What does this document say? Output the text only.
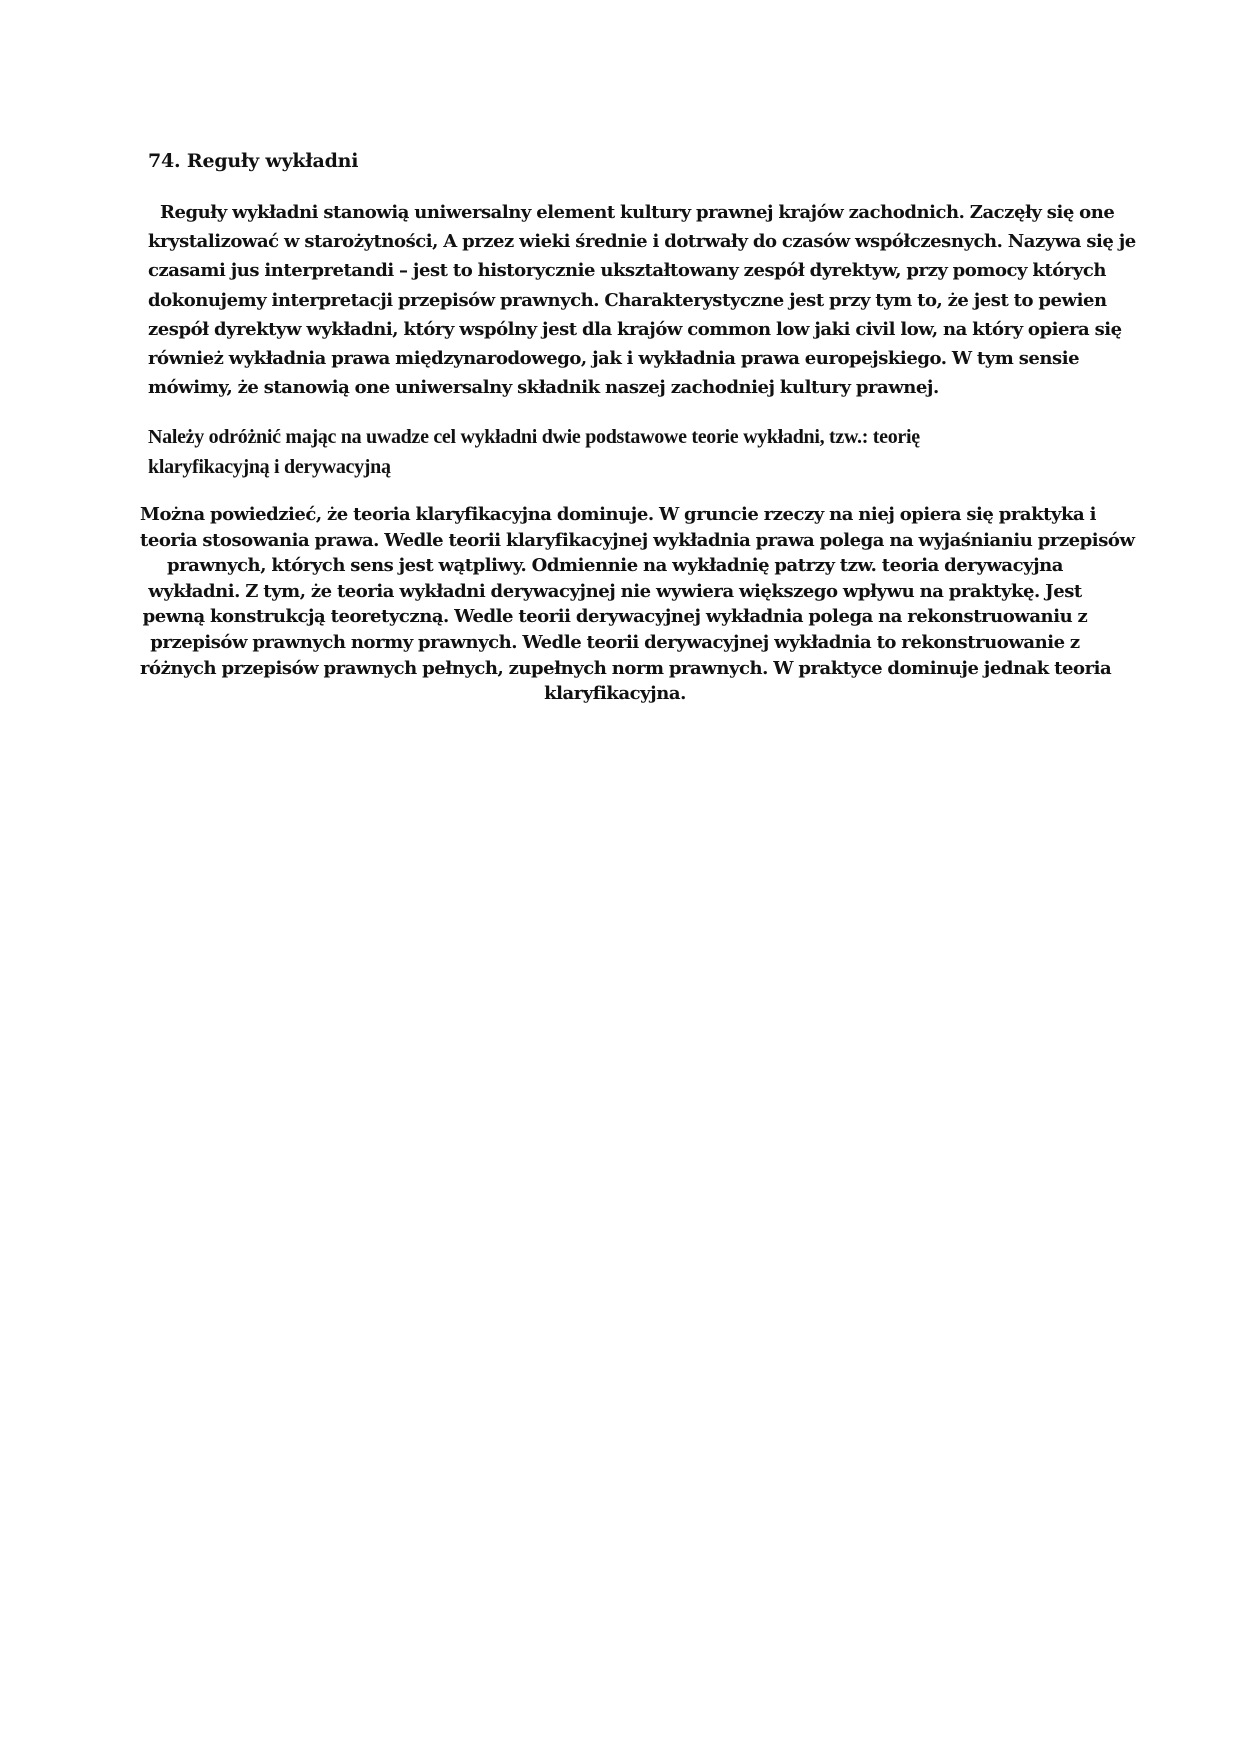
74. Reguły wykładni
Reguły wykładni stanowią uniwersalny element kultury prawnej krajów zachodnich. Zaczęły się one
krystalizować w starożytności, A przez wieki średnie i dotrwały do czasów współczesnych. Nazywa się je
czasami jus interpretandi – jest to historycznie ukształtowany zespół dyrektyw, przy pomocy których
dokonujemy interpretacji przepisów prawnych. Charakterystyczne jest przy tym to, że jest to pewien
zespół dyrektyw wykładni, który wspólny jest dla krajów common low jaki civil low, na który opiera się
również wykładnia prawa międzynarodowego, jak i wykładnia prawa europejskiego. W tym sensie
mówimy, że stanowią one uniwersalny składnik naszej zachodniej kultury prawnej.
Należy odróżnić mając na uwadze cel wykładni dwie podstawowe teorie wykładni, tzw.: teorię
klaryfikacyjną i derywacyjną
Można powiedzieć, że teoria klaryfikacyjna dominuje. W gruncie rzeczy na niej opiera się praktyka i
teoria stosowania prawa. Wedle teorii klaryfikacyjnej wykładnia prawa polega na wyjaśnianiu przepisów
prawnych, których sens jest wątpliwy. Odmiennie na wykładnię patrzy tzw. teoria derywacyjna
wykładni. Z tym, że teoria wykładni derywacyjnej nie wywiera większego wpływu na praktykę. Jest
pewną konstrukcją teoretyczną. Wedle teorii derywacyjnej wykładnia polega na rekonstruowaniu z
przepisów prawnych normy prawnych. Wedle teorii derywacyjnej wykładnia to rekonstruowanie z
różnych przepisów prawnych pełnych, zupełnych norm prawnych. W praktyce dominuje jednak teoria
klaryfikacyjna.
